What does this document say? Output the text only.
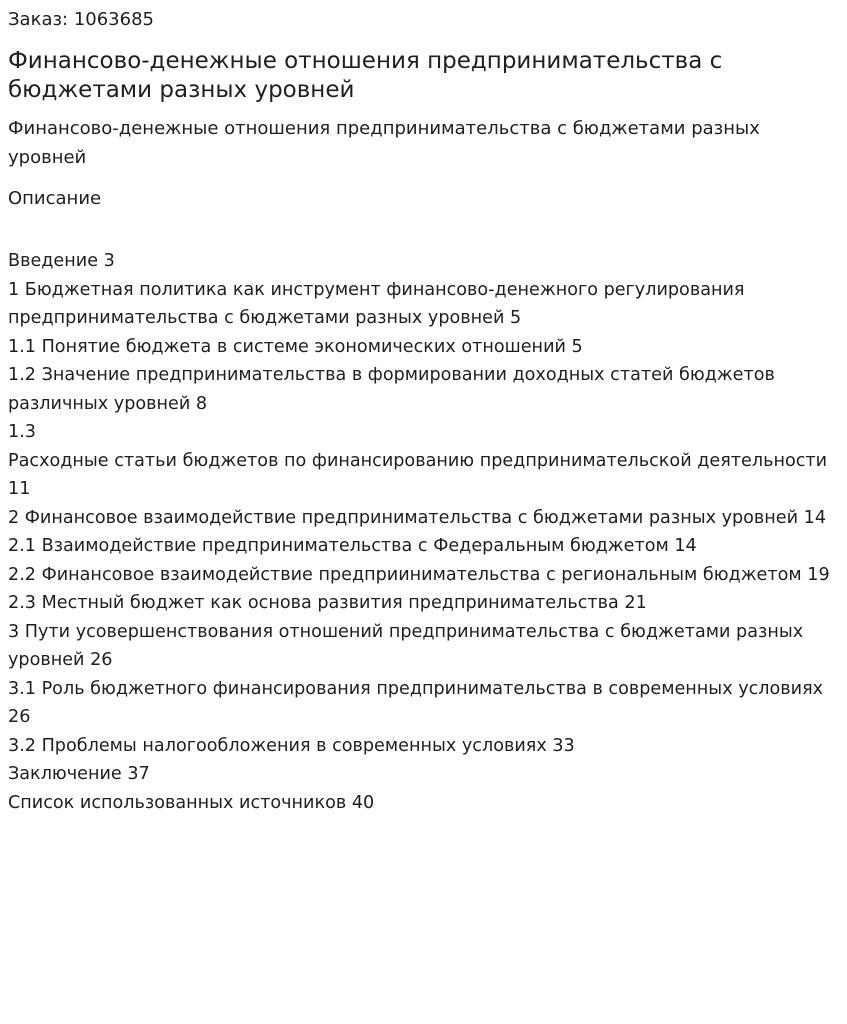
Заказ: 1063685
Финансово-денежные отношения предпринимательства с бюджетами разных уровней

Финансово-денежные отношения предпринимательства с бюджетами разных уровней

Описание
Введение 3
1 Бюджетная политика как инструмент финансово-денежного регулирования предпринимательства с бюджетами разных уровней 5
1.1 Понятие бюджета в системе экономических отношений 5
1.2 Значение предпринимательства в формировании доходных статей бюджетов различных уровней 8
1.3
Расходные статьи бюджетов по финансированию предпринимательской деятельности 11
2 Финансовое взаимодействие предпринимательства с бюджетами разных уровней 14
2.1 Взаимодействие предпринимательства с Федеральным бюджетом 14
2.2 Финансовое взаимодействие предприинимательства с региональным бюджетом 19
2.3 Местный бюджет как основа развития предпринимательства 21
3 Пути усовершенствования отношений предпринимательства с бюджетами разных уровней 26
3.1 Роль бюджетного финансирования предпринимательства в современных условиях 26
3.2 Проблемы налогообложения в современных условиях 33
Заключение 37
Список использованных источников 40
